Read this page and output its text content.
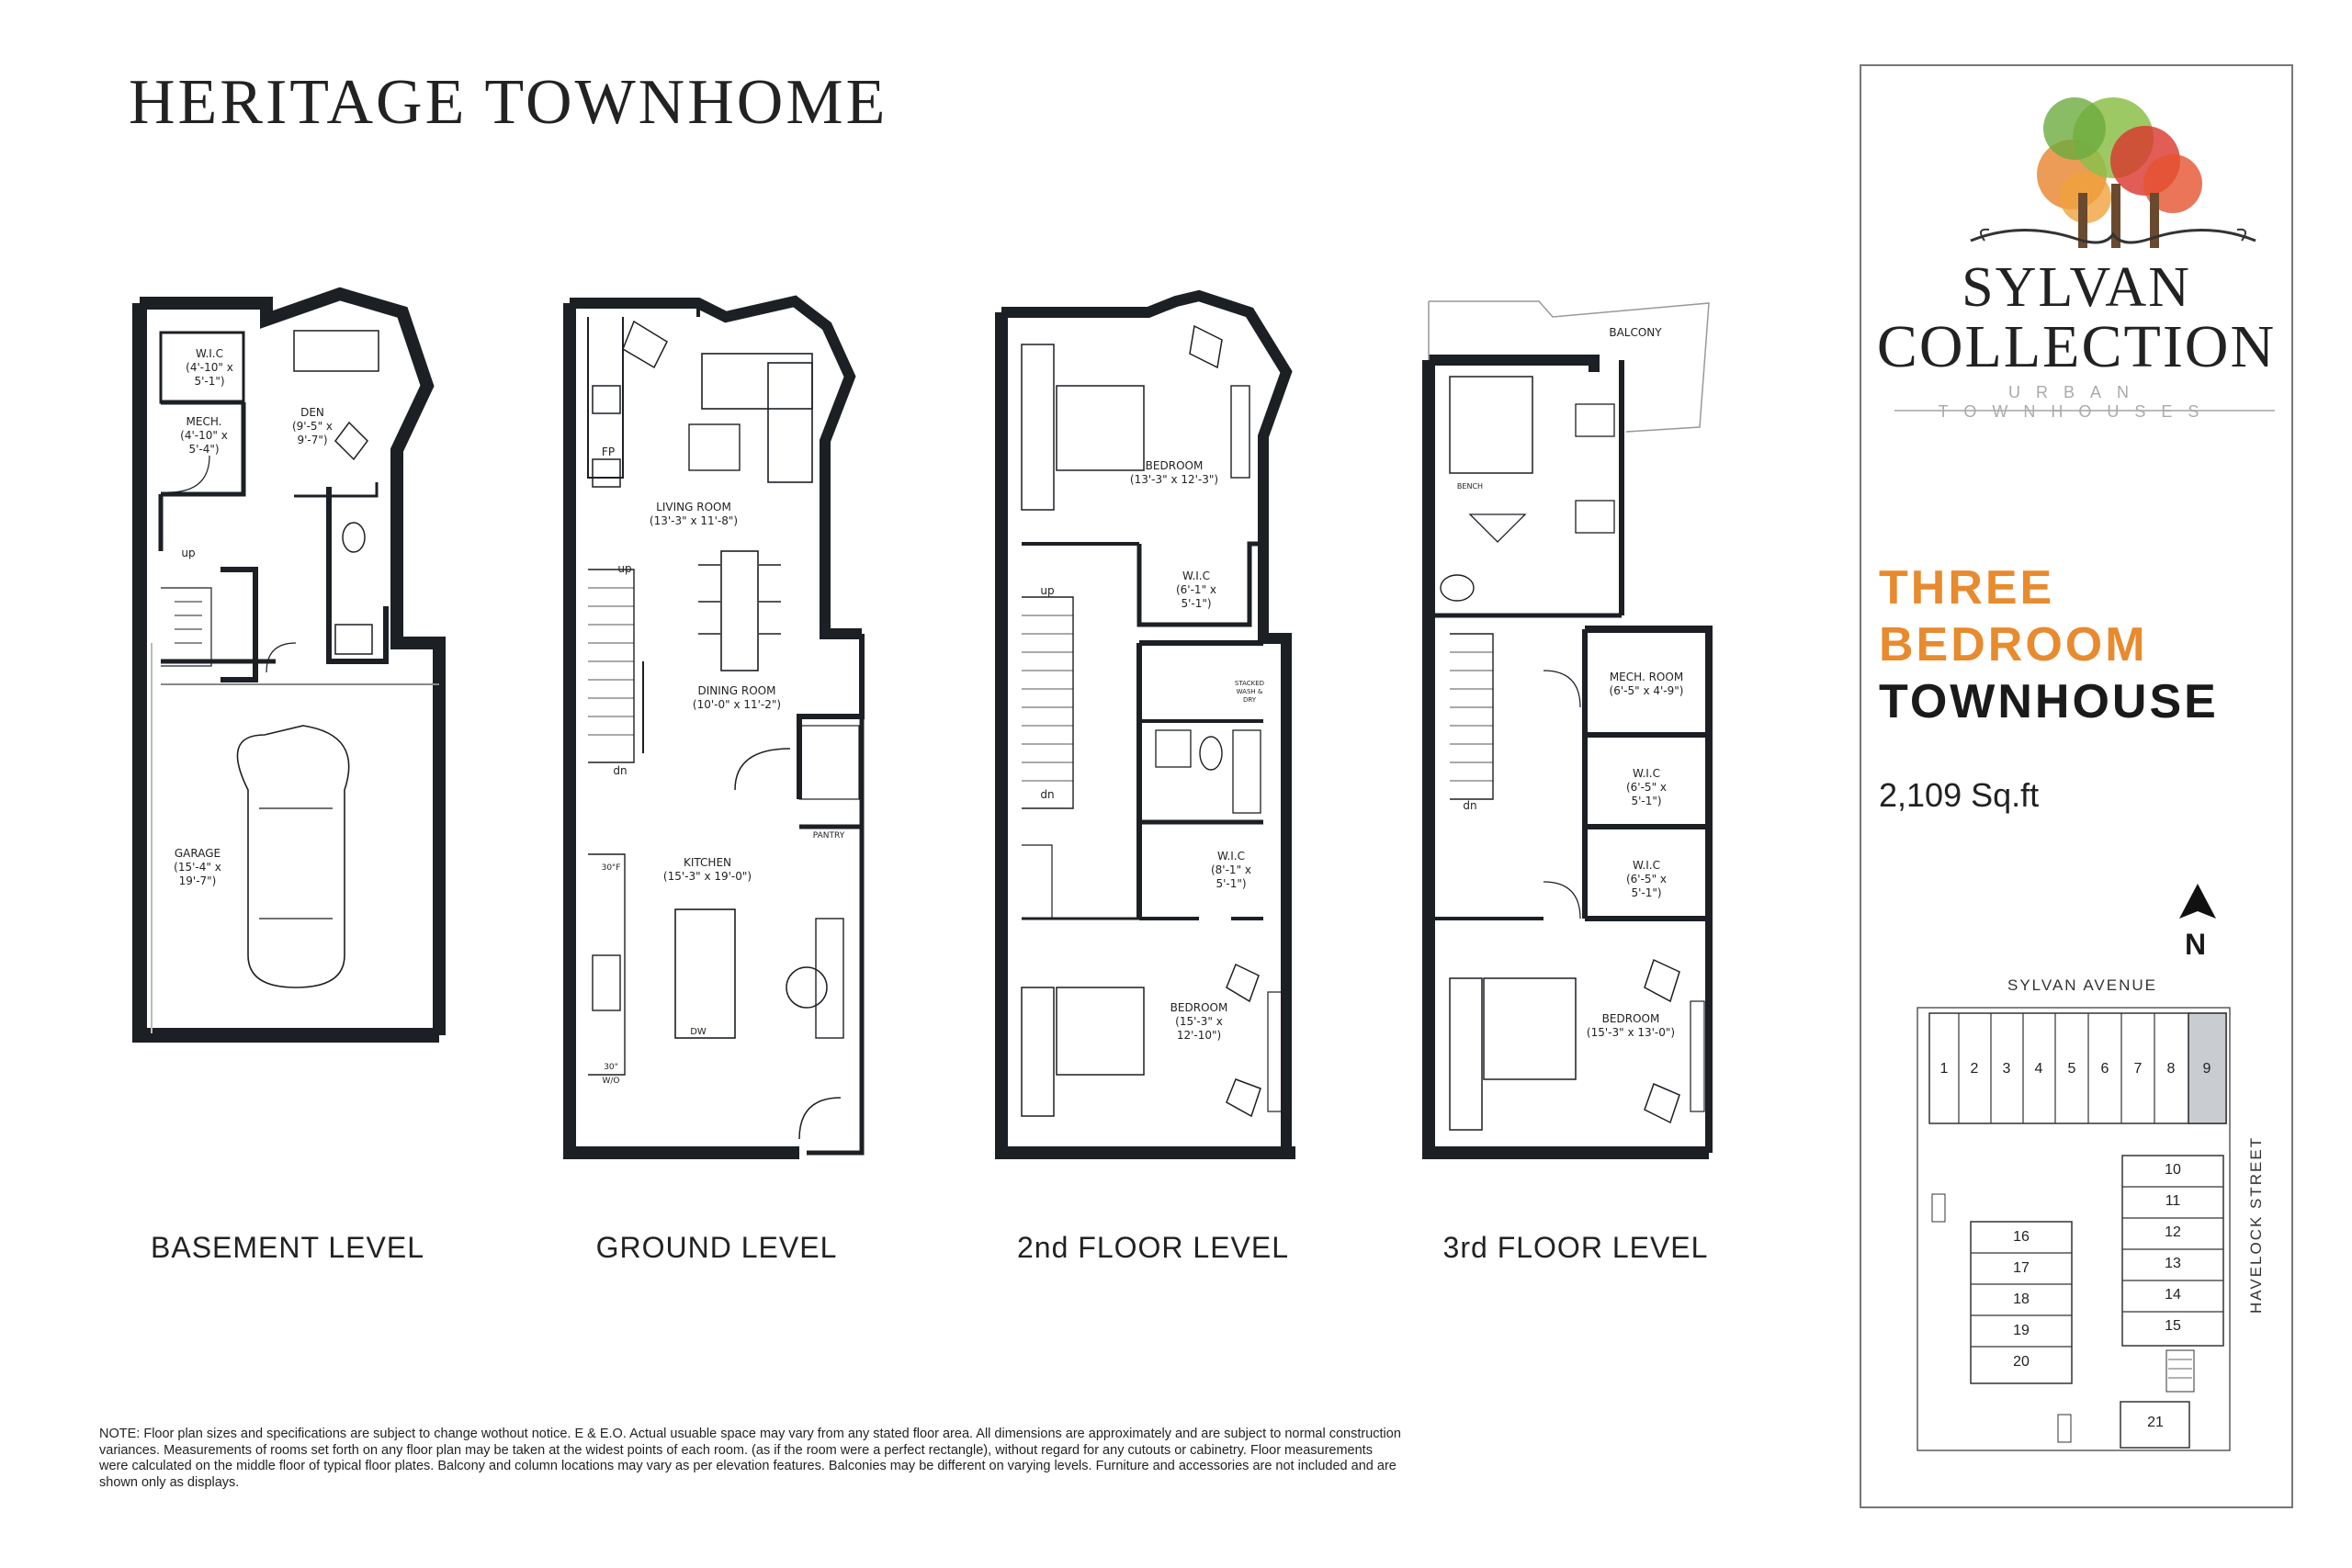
HERITAGE TOWNHOME
W.I.C
(4'-10" x 5'-1")
MECH.
(4'-10" x 5'-4")
DEN
(9'-5" x 9'-7")
GARAGE
(15'-4" x 19'-7")
up
LIVING ROOM
(13'-3" x 11'-8")
DINING ROOM
(10'-0" x 11'-2")
KITCHEN
(15'-3" x 19'-0")
FP
up
dn
PANTRY
DW
30"F
30" W/O
BEDROOM
(13'-3" x 12'-3")
W.I.C
(6'-1" x 5'-1")
W.I.C
(8'-1" x 5'-1")
BEDROOM
(15'-3" x 12'-10")
up
dn
STACKED WASH & DRY
MECH. ROOM
(6'-5" x 4'-9")
W.I.C
(6'-5" x 5'-1")
W.I.C
(6'-5" x 5'-1")
BEDROOM
(15'-3" x 13'-0")
BALCONY
BENCH
dn
BASEMENT LEVEL	GROUND LEVEL	2nd FLOOR LEVEL	3rd FLOOR LEVEL
NOTE: Floor plan sizes and specifications are subject to change wothout notice. E & E.O. Actual usuable space may vary from any stated floor area. All dimensions are approximately and are subject to normal construction variances. Measurements of rooms set forth on any floor plan may be taken at the widest points of each room. (as if the room were a perfect rectangle), without regard for any cutouts or cabinetry. Floor measurements were calculated on the middle floor of typical floor plates. Balcony and column locations may vary as per elevation features. Balconies may be different on varying levels. Furniture and accessories are not included and are shown only as displays.
SYLVAN
COLLECTION
URBAN TOWNHOUSES
THREE
BEDROOM
TOWNHOUSE
2,109 Sq.ft
N
SYLVAN AVENUE
HAVELOCK STREET
1	2	3	4	5	6	7	8	9
10
11
12
13
14
15
16
17
18
19
20
21
